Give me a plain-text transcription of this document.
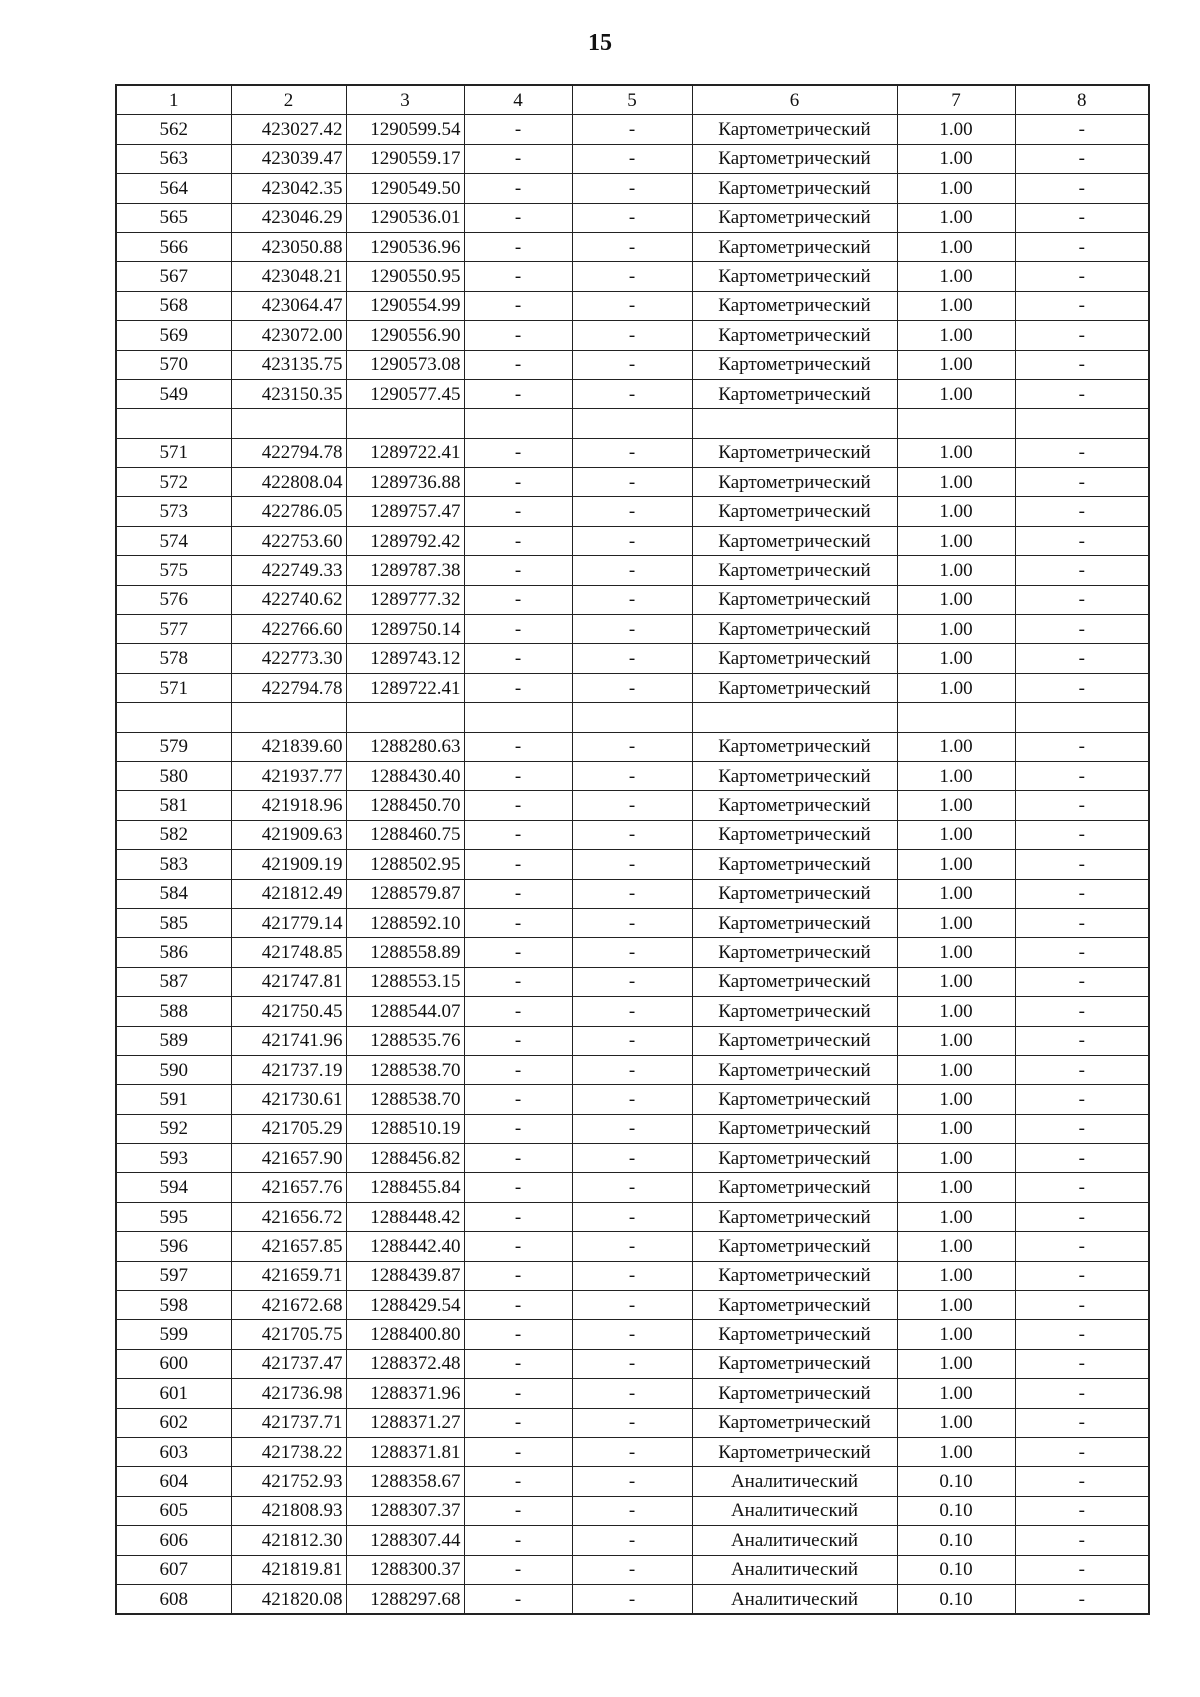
15
1	2	3	4	5	6	7	8
562	423027.42	1290599.54	-	-	Картометрический	1.00	-
563	423039.47	1290559.17	-	-	Картометрический	1.00	-
564	423042.35	1290549.50	-	-	Картометрический	1.00	-
565	423046.29	1290536.01	-	-	Картометрический	1.00	-
566	423050.88	1290536.96	-	-	Картометрический	1.00	-
567	423048.21	1290550.95	-	-	Картометрический	1.00	-
568	423064.47	1290554.99	-	-	Картометрический	1.00	-
569	423072.00	1290556.90	-	-	Картометрический	1.00	-
570	423135.75	1290573.08	-	-	Картометрический	1.00	-
549	423150.35	1290577.45	-	-	Картометрический	1.00	-

571	422794.78	1289722.41	-	-	Картометрический	1.00	-
572	422808.04	1289736.88	-	-	Картометрический	1.00	-
573	422786.05	1289757.47	-	-	Картометрический	1.00	-
574	422753.60	1289792.42	-	-	Картометрический	1.00	-
575	422749.33	1289787.38	-	-	Картометрический	1.00	-
576	422740.62	1289777.32	-	-	Картометрический	1.00	-
577	422766.60	1289750.14	-	-	Картометрический	1.00	-
578	422773.30	1289743.12	-	-	Картометрический	1.00	-
571	422794.78	1289722.41	-	-	Картометрический	1.00	-

579	421839.60	1288280.63	-	-	Картометрический	1.00	-
580	421937.77	1288430.40	-	-	Картометрический	1.00	-
581	421918.96	1288450.70	-	-	Картометрический	1.00	-
582	421909.63	1288460.75	-	-	Картометрический	1.00	-
583	421909.19	1288502.95	-	-	Картометрический	1.00	-
584	421812.49	1288579.87	-	-	Картометрический	1.00	-
585	421779.14	1288592.10	-	-	Картометрический	1.00	-
586	421748.85	1288558.89	-	-	Картометрический	1.00	-
587	421747.81	1288553.15	-	-	Картометрический	1.00	-
588	421750.45	1288544.07	-	-	Картометрический	1.00	-
589	421741.96	1288535.76	-	-	Картометрический	1.00	-
590	421737.19	1288538.70	-	-	Картометрический	1.00	-
591	421730.61	1288538.70	-	-	Картометрический	1.00	-
592	421705.29	1288510.19	-	-	Картометрический	1.00	-
593	421657.90	1288456.82	-	-	Картометрический	1.00	-
594	421657.76	1288455.84	-	-	Картометрический	1.00	-
595	421656.72	1288448.42	-	-	Картометрический	1.00	-
596	421657.85	1288442.40	-	-	Картометрический	1.00	-
597	421659.71	1288439.87	-	-	Картометрический	1.00	-
598	421672.68	1288429.54	-	-	Картометрический	1.00	-
599	421705.75	1288400.80	-	-	Картометрический	1.00	-
600	421737.47	1288372.48	-	-	Картометрический	1.00	-
601	421736.98	1288371.96	-	-	Картометрический	1.00	-
602	421737.71	1288371.27	-	-	Картометрический	1.00	-
603	421738.22	1288371.81	-	-	Картометрический	1.00	-
604	421752.93	1288358.67	-	-	Аналитический	0.10	-
605	421808.93	1288307.37	-	-	Аналитический	0.10	-
606	421812.30	1288307.44	-	-	Аналитический	0.10	-
607	421819.81	1288300.37	-	-	Аналитический	0.10	-
608	421820.08	1288297.68	-	-	Аналитический	0.10	-
